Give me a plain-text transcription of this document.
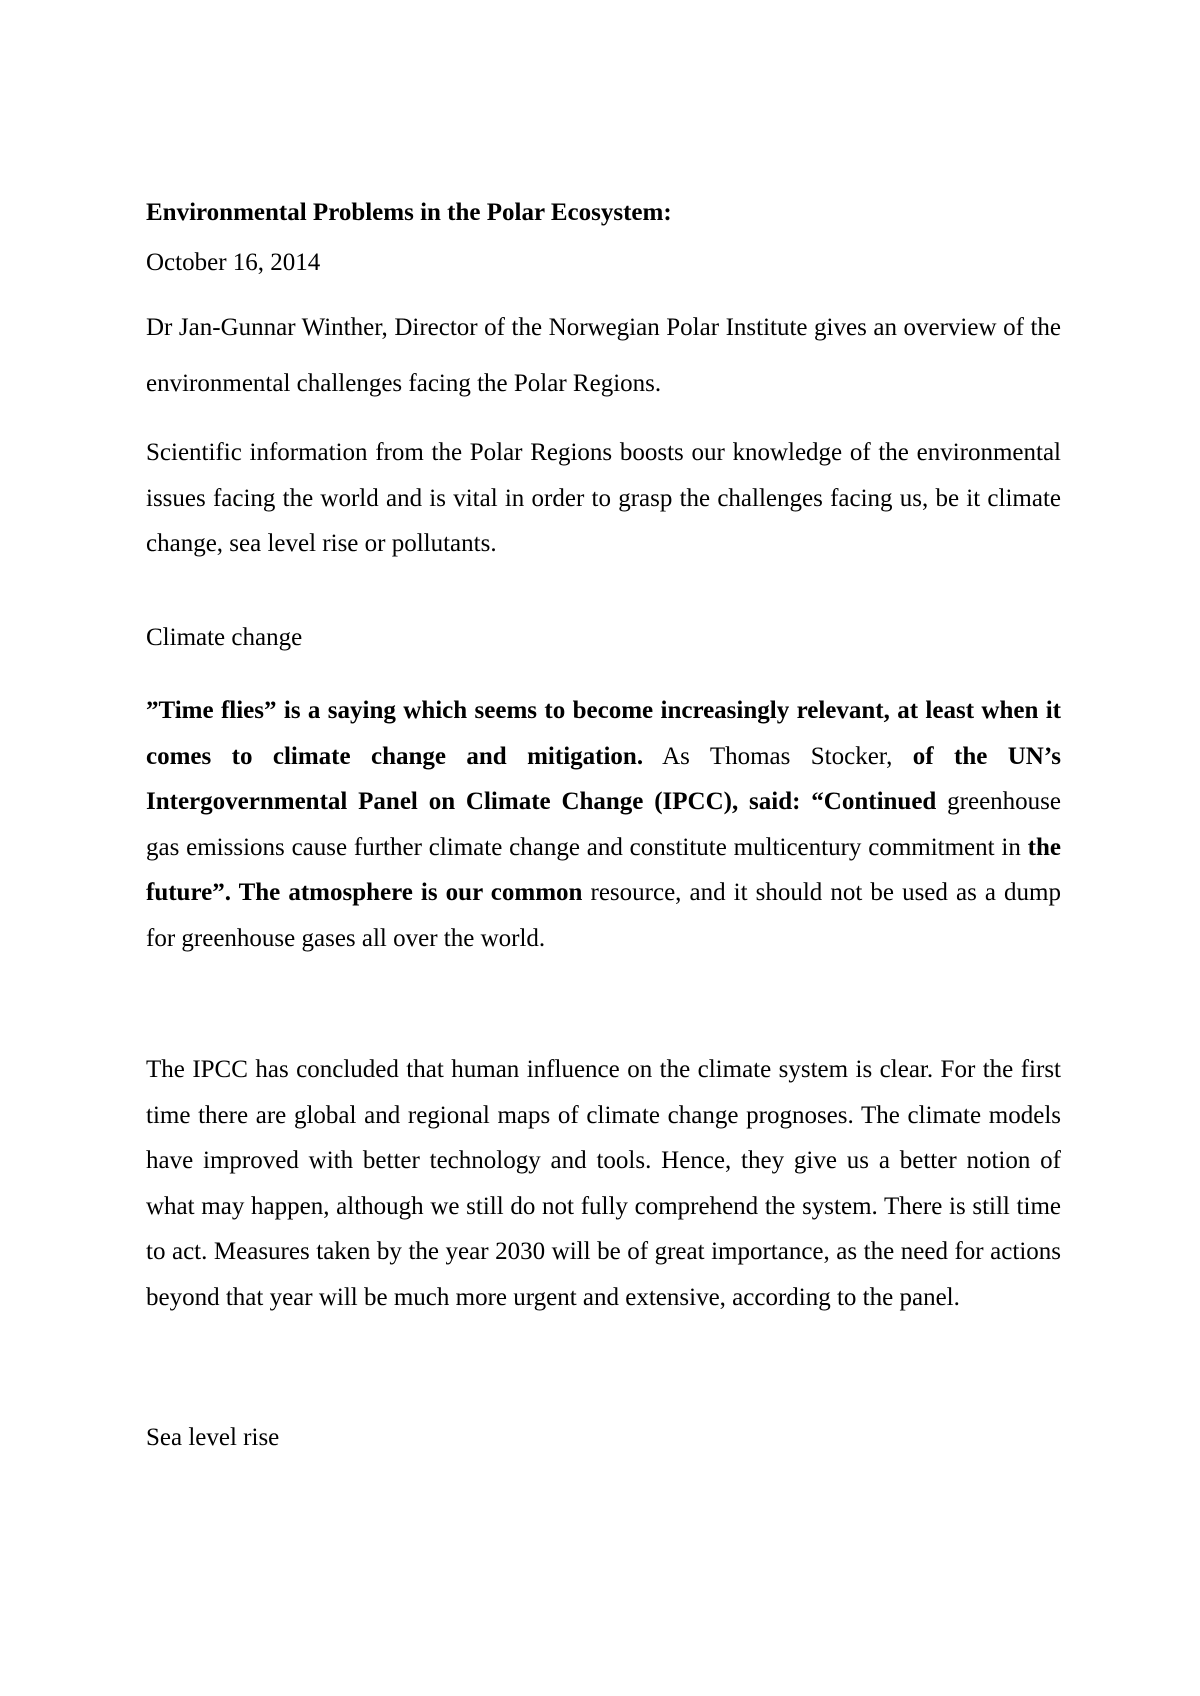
Environmental Problems in the Polar Ecosystem:

October 16, 2014

Dr Jan-Gunnar Winther, Director of the Norwegian Polar Institute gives an overview of the environmental challenges facing the Polar Regions.

Scientific information from the Polar Regions boosts our knowledge of the environmental issues facing the world and is vital in order to grasp the challenges facing us, be it climate change, sea level rise or pollutants.

Climate change

”Time flies” is a saying which seems to become increasingly relevant, at least when it comes to climate change and mitigation. As Thomas Stocker, of the UN’s Intergovernmental Panel on Climate Change (IPCC), said: “Continued greenhouse gas emissions cause further climate change and constitute multicentury commitment in the future”. The atmosphere is our common resource, and it should not be used as a dump for greenhouse gases all over the world.

The IPCC has concluded that human influence on the climate system is clear. For the first time there are global and regional maps of climate change prognoses. The climate models have improved with better technology and tools. Hence, they give us a better notion of what may happen, although we still do not fully comprehend the system. There is still time to act. Measures taken by the year 2030 will be of great importance, as the need for actions beyond that year will be much more urgent and extensive, according to the panel.

Sea level rise
